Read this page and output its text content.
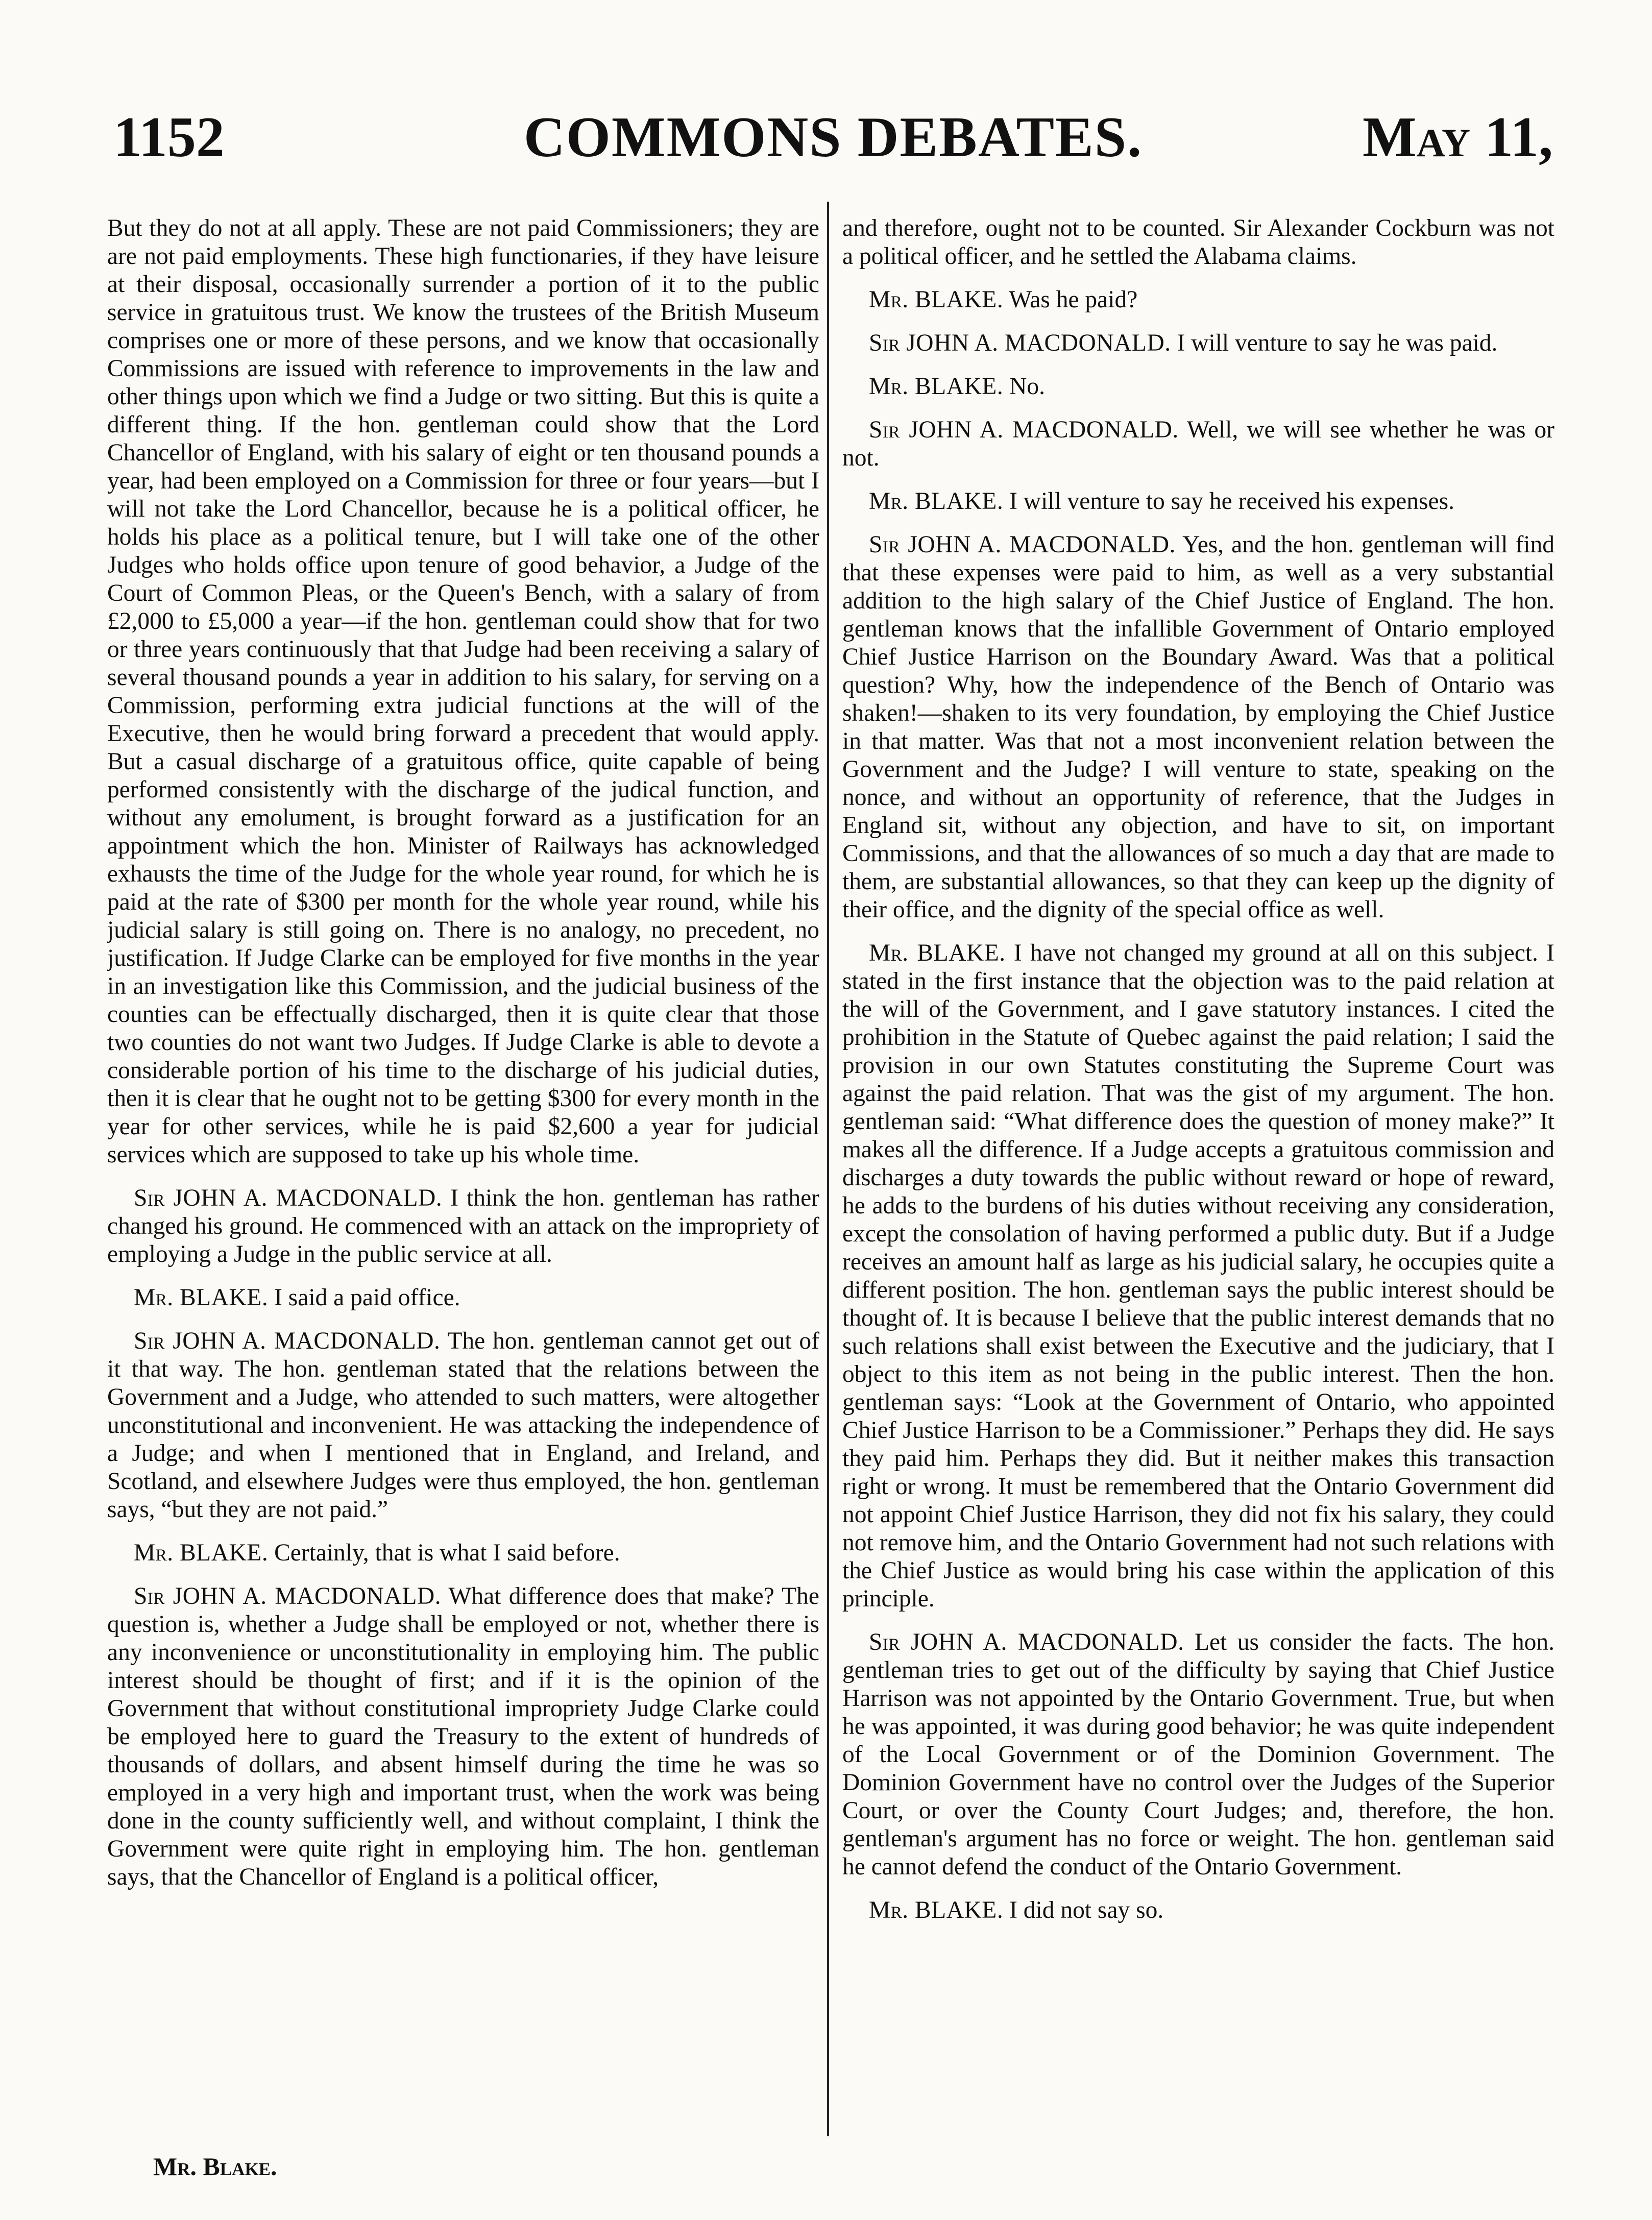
1152	COMMONS DEBATES.	May 11,

But they do not at all apply. These are not paid Commissioners; they are are not paid employments. These high functionaries, if they have leisure at their disposal, occasionally surrender a portion of it to the public service in gratuitous trust. We know the trustees of the British Museum comprises one or more of these persons, and we know that occasionally Commissions are issued with reference to improvements in the law and other things upon which we find a Judge or two sitting. But this is quite a different thing. If the hon. gentleman could show that the Lord Chancellor of England, with his salary of eight or ten thousand pounds a year, had been employed on a Commission for three or four years—but I will not take the Lord Chancellor, because he is a political officer, he holds his place as a political tenure, but I will take one of the other Judges who holds office upon tenure of good behavior, a Judge of the Court of Common Pleas, or the Queen's Bench, with a salary of from £2,000 to £5,000 a year—if the hon. gentleman could show that for two or three years continuously that that Judge had been receiving a salary of several thousand pounds a year in addition to his salary, for serving on a Commission, performing extra judicial functions at the will of the Executive, then he would bring forward a precedent that would apply. But a casual discharge of a gratuitous office, quite capable of being performed consistently with the discharge of the judical function, and without any emolument, is brought forward as a justification for an appointment which the hon. Minister of Railways has acknowledged exhausts the time of the Judge for the whole year round, for which he is paid at the rate of $300 per month for the whole year round, while his judicial salary is still going on. There is no analogy, no precedent, no justification. If Judge Clarke can be employed for five months in the year in an investigation like this Commission, and the judicial business of the counties can be effectually discharged, then it is quite clear that those two counties do not want two Judges. If Judge Clarke is able to devote a considerable portion of his time to the discharge of his judicial duties, then it is clear that he ought not to be getting $300 for every month in the year for other services, while he is paid $2,600 a year for judicial services which are supposed to take up his whole time.

Sir JOHN A. MACDONALD. I think the hon. gentleman has rather changed his ground. He commenced with an attack on the impropriety of employing a Judge in the public service at all.

Mr. BLAKE. I said a paid office.

Sir JOHN A. MACDONALD. The hon. gentleman cannot get out of it that way. The hon. gentleman stated that the relations between the Government and a Judge, who attended to such matters, were altogether unconstitutional and inconvenient. He was attacking the independence of a Judge; and when I mentioned that in England, and Ireland, and Scotland, and elsewhere Judges were thus employed, the hon. gentleman says, “but they are not paid.”

Mr. BLAKE. Certainly, that is what I said before.

Sir JOHN A. MACDONALD. What difference does that make? The question is, whether a Judge shall be employed or not, whether there is any inconvenience or unconstitutionality in employing him. The public interest should be thought of first; and if it is the opinion of the Government that without constitutional impropriety Judge Clarke could be employed here to guard the Treasury to the extent of hundreds of thousands of dollars, and absent himself during the time he was so employed in a very high and important trust, when the work was being done in the county sufficiently well, and without complaint, I think the Government were quite right in employing him. The hon. gentleman says, that the Chancellor of England is a political officer,

and therefore, ought not to be counted. Sir Alexander Cockburn was not a political officer, and he settled the Alabama claims.

Mr. BLAKE. Was he paid?

Sir JOHN A. MACDONALD. I will venture to say he was paid.

Mr. BLAKE. No.

Sir JOHN A. MACDONALD. Well, we will see whether he was or not.

Mr. BLAKE. I will venture to say he received his expenses.

Sir JOHN A. MACDONALD. Yes, and the hon. gentleman will find that these expenses were paid to him, as well as a very substantial addition to the high salary of the Chief Justice of England. The hon. gentleman knows that the infallible Government of Ontario employed Chief Justice Harrison on the Boundary Award. Was that a political question? Why, how the independence of the Bench of Ontario was shaken!—shaken to its very foundation, by employing the Chief Justice in that matter. Was that not a most inconvenient relation between the Government and the Judge? I will venture to state, speaking on the nonce, and without an opportunity of reference, that the Judges in England sit, without any objection, and have to sit, on important Commissions, and that the allowances of so much a day that are made to them, are substantial allowances, so that they can keep up the dignity of their office, and the dignity of the special office as well.

Mr. BLAKE. I have not changed my ground at all on this subject. I stated in the first instance that the objection was to the paid relation at the will of the Government, and I gave statutory instances. I cited the prohibition in the Statute of Quebec against the paid relation; I said the provision in our own Statutes constituting the Supreme Court was against the paid relation. That was the gist of my argument. The hon. gentleman said: “What difference does the question of money make?” It makes all the difference. If a Judge accepts a gratuitous commission and discharges a duty towards the public without reward or hope of reward, he adds to the burdens of his duties without receiving any consideration, except the consolation of having performed a public duty. But if a Judge receives an amount half as large as his judicial salary, he occupies quite a different position. The hon. gentleman says the public interest should be thought of. It is because I believe that the public interest demands that no such relations shall exist between the Executive and the judiciary, that I object to this item as not being in the public interest. Then the hon. gentleman says: “Look at the Government of Ontario, who appointed Chief Justice Harrison to be a Commissioner.” Perhaps they did. He says they paid him. Perhaps they did. But it neither makes this transaction right or wrong. It must be remembered that the Ontario Government did not appoint Chief Justice Harrison, they did not fix his salary, they could not remove him, and the Ontario Government had not such relations with the Chief Justice as would bring his case within the application of this principle.

Sir JOHN A. MACDONALD. Let us consider the facts. The hon. gentleman tries to get out of the difficulty by saying that Chief Justice Harrison was not appointed by the Ontario Government. True, but when he was appointed, it was during good behavior; he was quite independent of the Local Government or of the Dominion Government. The Dominion Government have no control over the Judges of the Superior Court, or over the County Court Judges; and, therefore, the hon. gentleman's argument has no force or weight. The hon. gentleman said he cannot defend the conduct of the Ontario Government.

Mr. BLAKE. I did not say so.

Mr. Blake.
